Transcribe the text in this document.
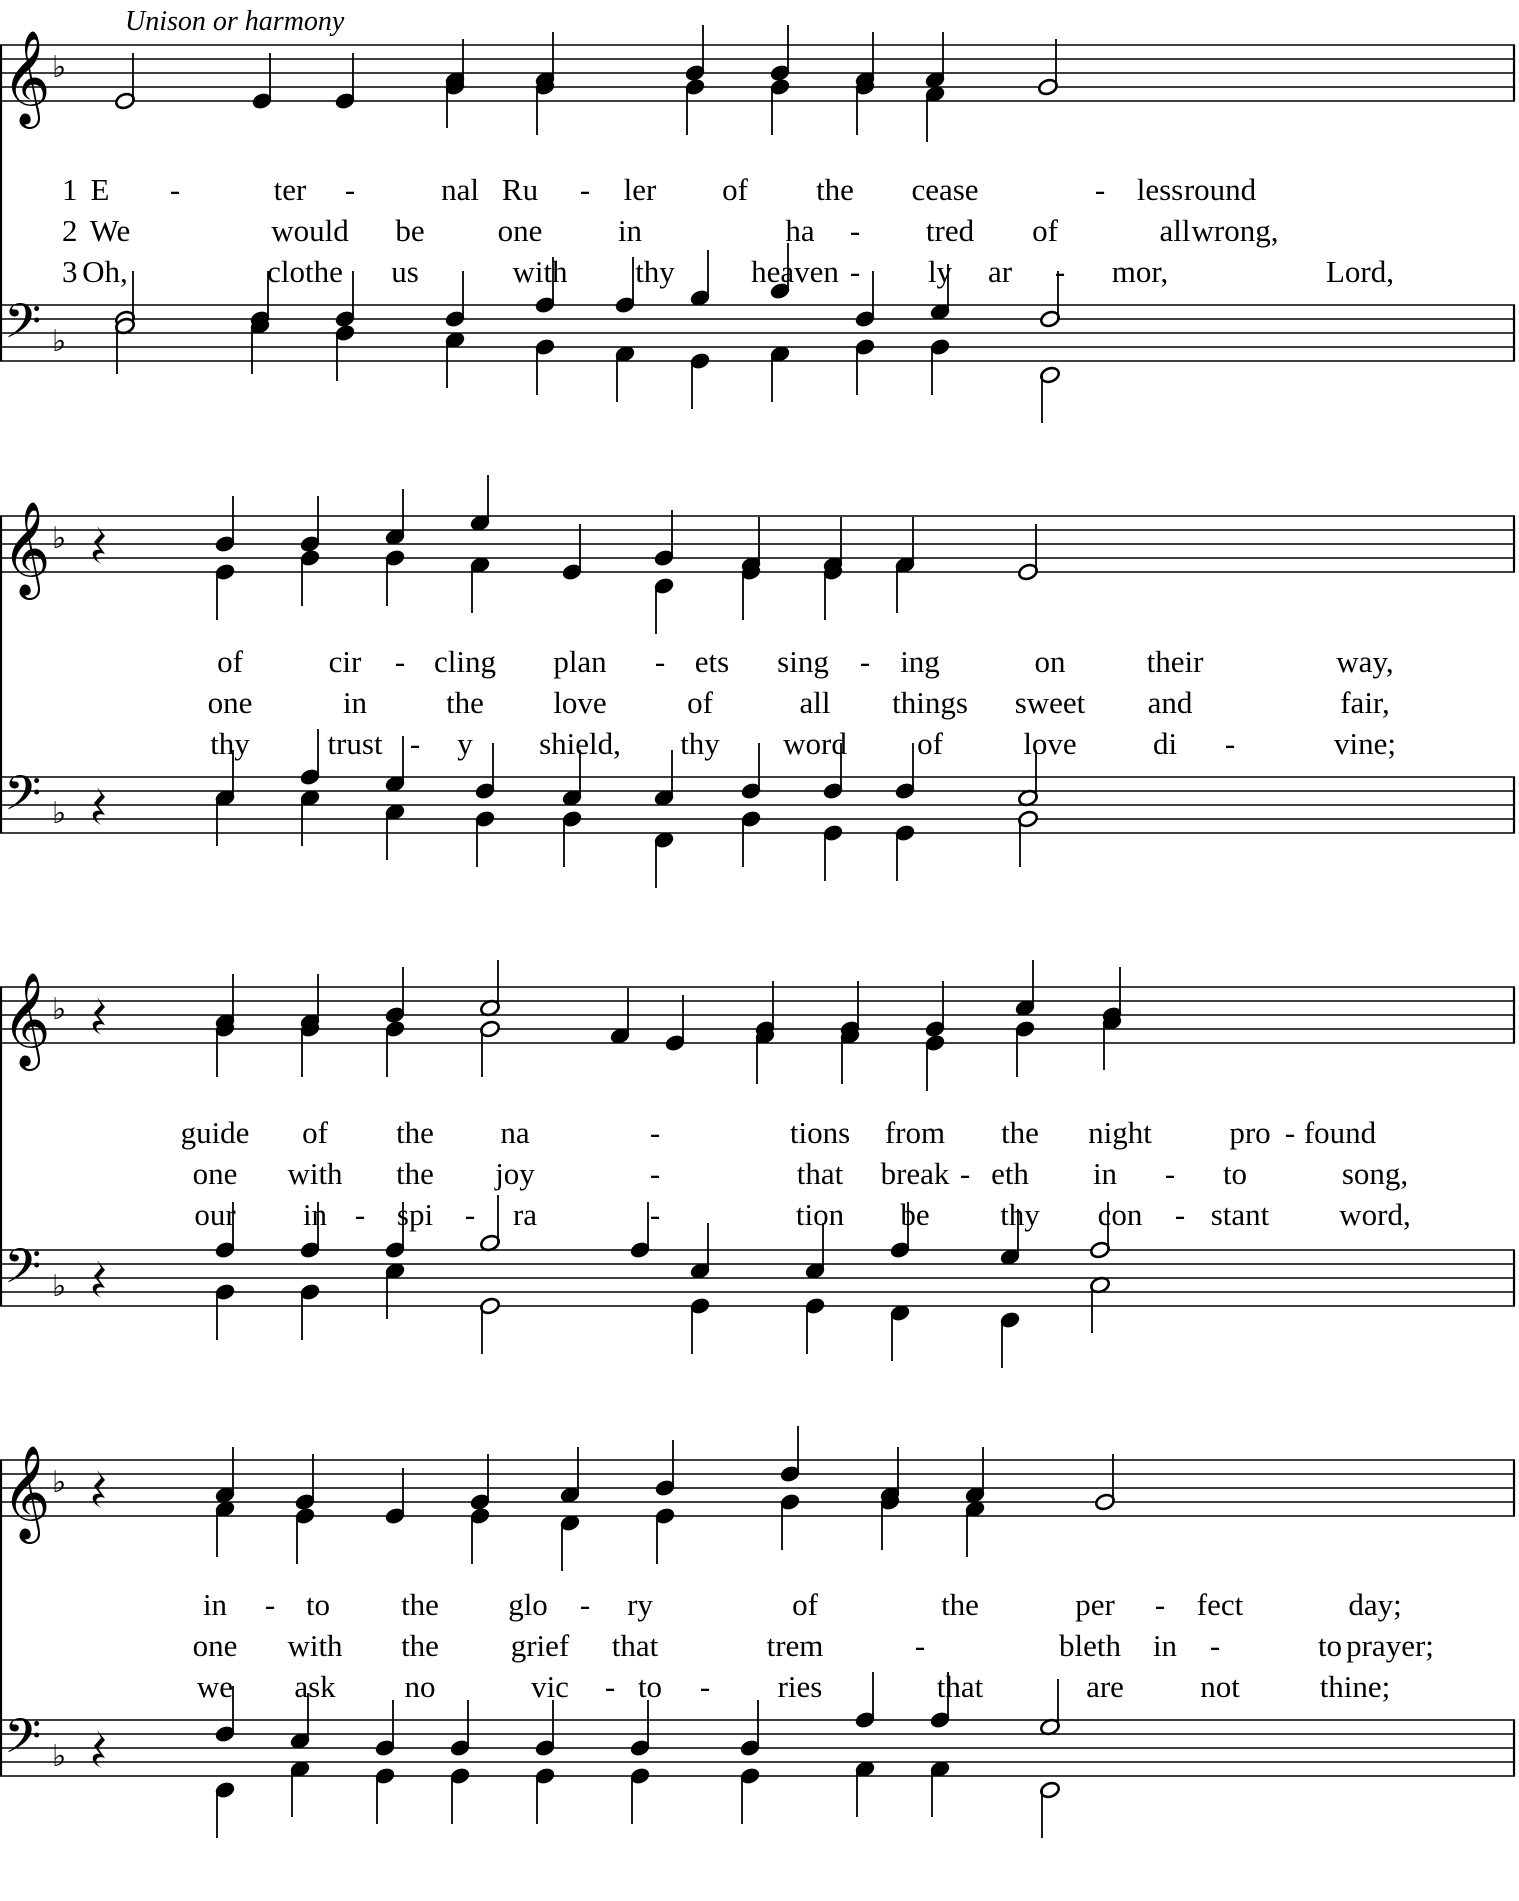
Unison or harmony
𝄞
𝄢
♭
♭
1 E -	ter -	nal Ru - ler of the cease	- less round
2 We	would be one in	ha - tred of	all wrong,
3 Oh,	clothe us	with thy heaven - ly ar - mor,	Lord,
𝄞
𝄢
♭
♭
of	cir - cling plan - ets sing - ing	on	their	way,
one	in	the love	of	all things sweet and	fair,
thy	trust - y shield, thy word of	love di -	vine;
𝄞
𝄢
♭
♭
guide of the na	-	tions from the night pro - found
one with the joy	-	that break - eth in - to	song,
our in - spi - ra	-	tion be thy con - stant word,
𝄞
𝄢
♭
♭
in - to the glo - ry	of	the	per - fect	day;
one with the grief that	trem	-	bleth in -	to prayer;
we ask no	vic - to - ries	that	are not	thine;
